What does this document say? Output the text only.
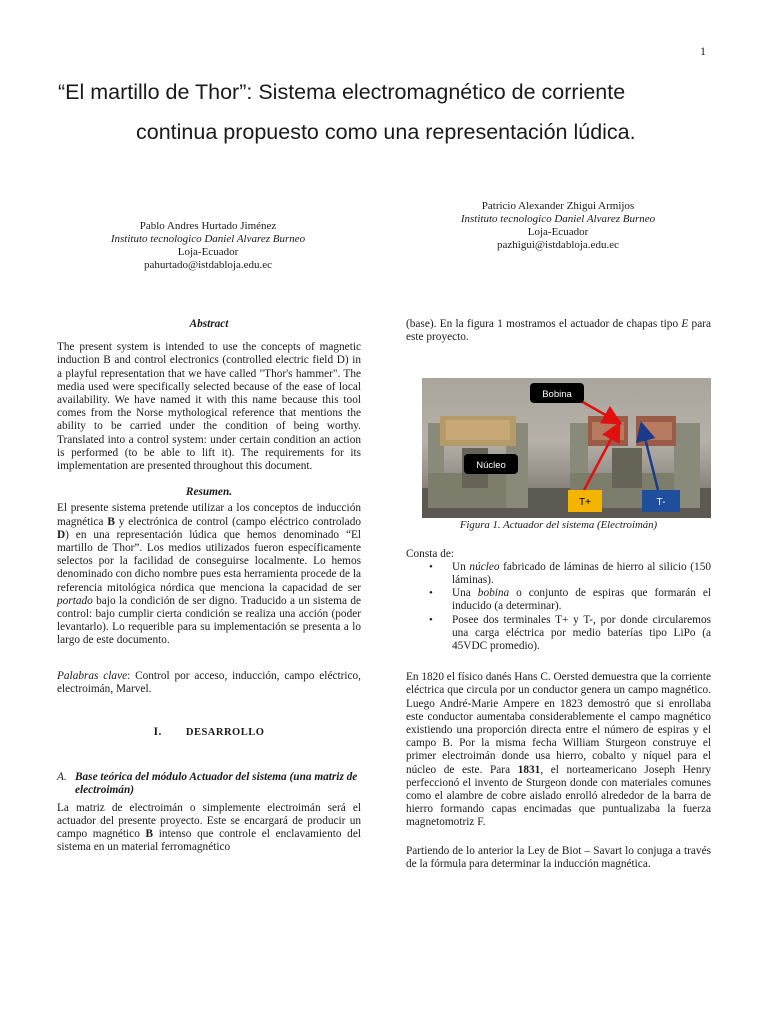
1
“El martillo de Thor”: Sistema electromagnético de corriente
continua propuesto como una representación lúdica.
Pablo Andres Hurtado Jiménez
Instituto tecnologico Daniel Alvarez Burneo
Loja-Ecuador
pahurtado@istdabloja.edu.ec
Patricio Alexander Zhigui Armijos
Instituto tecnologico Daniel Alvarez Burneo
Loja-Ecuador
pazhigui@istdabloja.edu.ec
Abstract

The present system is intended to use the concepts of magnetic induction B and control electronics (controlled electric field D) in a playful representation that we have called "Thor's hammer". The media used were specifically selected because of the ease of local availability. We have named it with this name because this tool comes from the Norse mythological reference that mentions the ability to be carried under the condition of being worthy. Translated into a control system: under certain condition an action is performed (to be able to lift it). The requirements for its implementation are presented throughout this document.

Resumen.

El presente sistema pretende utilizar a los conceptos de inducción magnética B y electrónica de control (campo eléctrico controlado D) en una representación lúdica que hemos denominado “El martillo de Thor”. Los medios utilizados fueron específicamente selectos por la facilidad de conseguirse localmente. Lo hemos denominado con dicho nombre pues esta herramienta procede de la referencia mitológica nórdica que menciona la capacidad de ser portado bajo la condición de ser digno. Traducido a un sistema de control: bajo cumplir cierta condición se realiza una acción (poder levantarlo). Lo requerible para su implementación se presenta a lo largo de este documento.

Palabras clave: Control por acceso, inducción, campo eléctrico, electroimán, Marvel.

I. DESARROLLO
A. Base teórica del módulo Actuador del sistema (una matriz de electroimán)

La matriz de electroimán o simplemente electroimán será el actuador del presente proyecto. Este se encargará de producir un campo magnético B intenso que controle el enclavamiento del sistema en un material ferromagnético

(base). En la figura 1 mostramos el actuador de chapas tipo E para este proyecto.

Bobina
Núcleo
T+	T-
Figura 1. Actuador del sistema (Electroimán)

Consta de:

• Un núcleo fabricado de láminas de hierro al silicio (150 láminas).
• Una bobina o conjunto de espiras que formarán el inducido (a determinar).
• Posee dos terminales T+ y T-, por donde circularemos una carga eléctrica por medio baterías tipo LiPo (a 45VDC promedio).

En 1820 el físico danés Hans C. Oersted demuestra que la corriente eléctrica que circula por un conductor genera un campo magnético. Luego André-Marie Ampere en 1823 demostró que si enrollaba este conductor aumentaba considerablemente el campo magnético existiendo una proporción directa entre el número de espiras y el campo B. Por la misma fecha William Sturgeon construye el primer electroimán donde usa hierro, cobalto y níquel para el núcleo de este. Para 1831, el norteamericano Joseph Henry perfeccionó el invento de Sturgeon donde con materiales comunes como el alambre de cobre aislado enrolló alrededor de la barra de hierro formando capas encimadas que puntualizaba la fuerza magnetomotriz F.

Partiendo de lo anterior la Ley de Biot – Savart lo conjuga a través de la fórmula para determinar la inducción magnética.
